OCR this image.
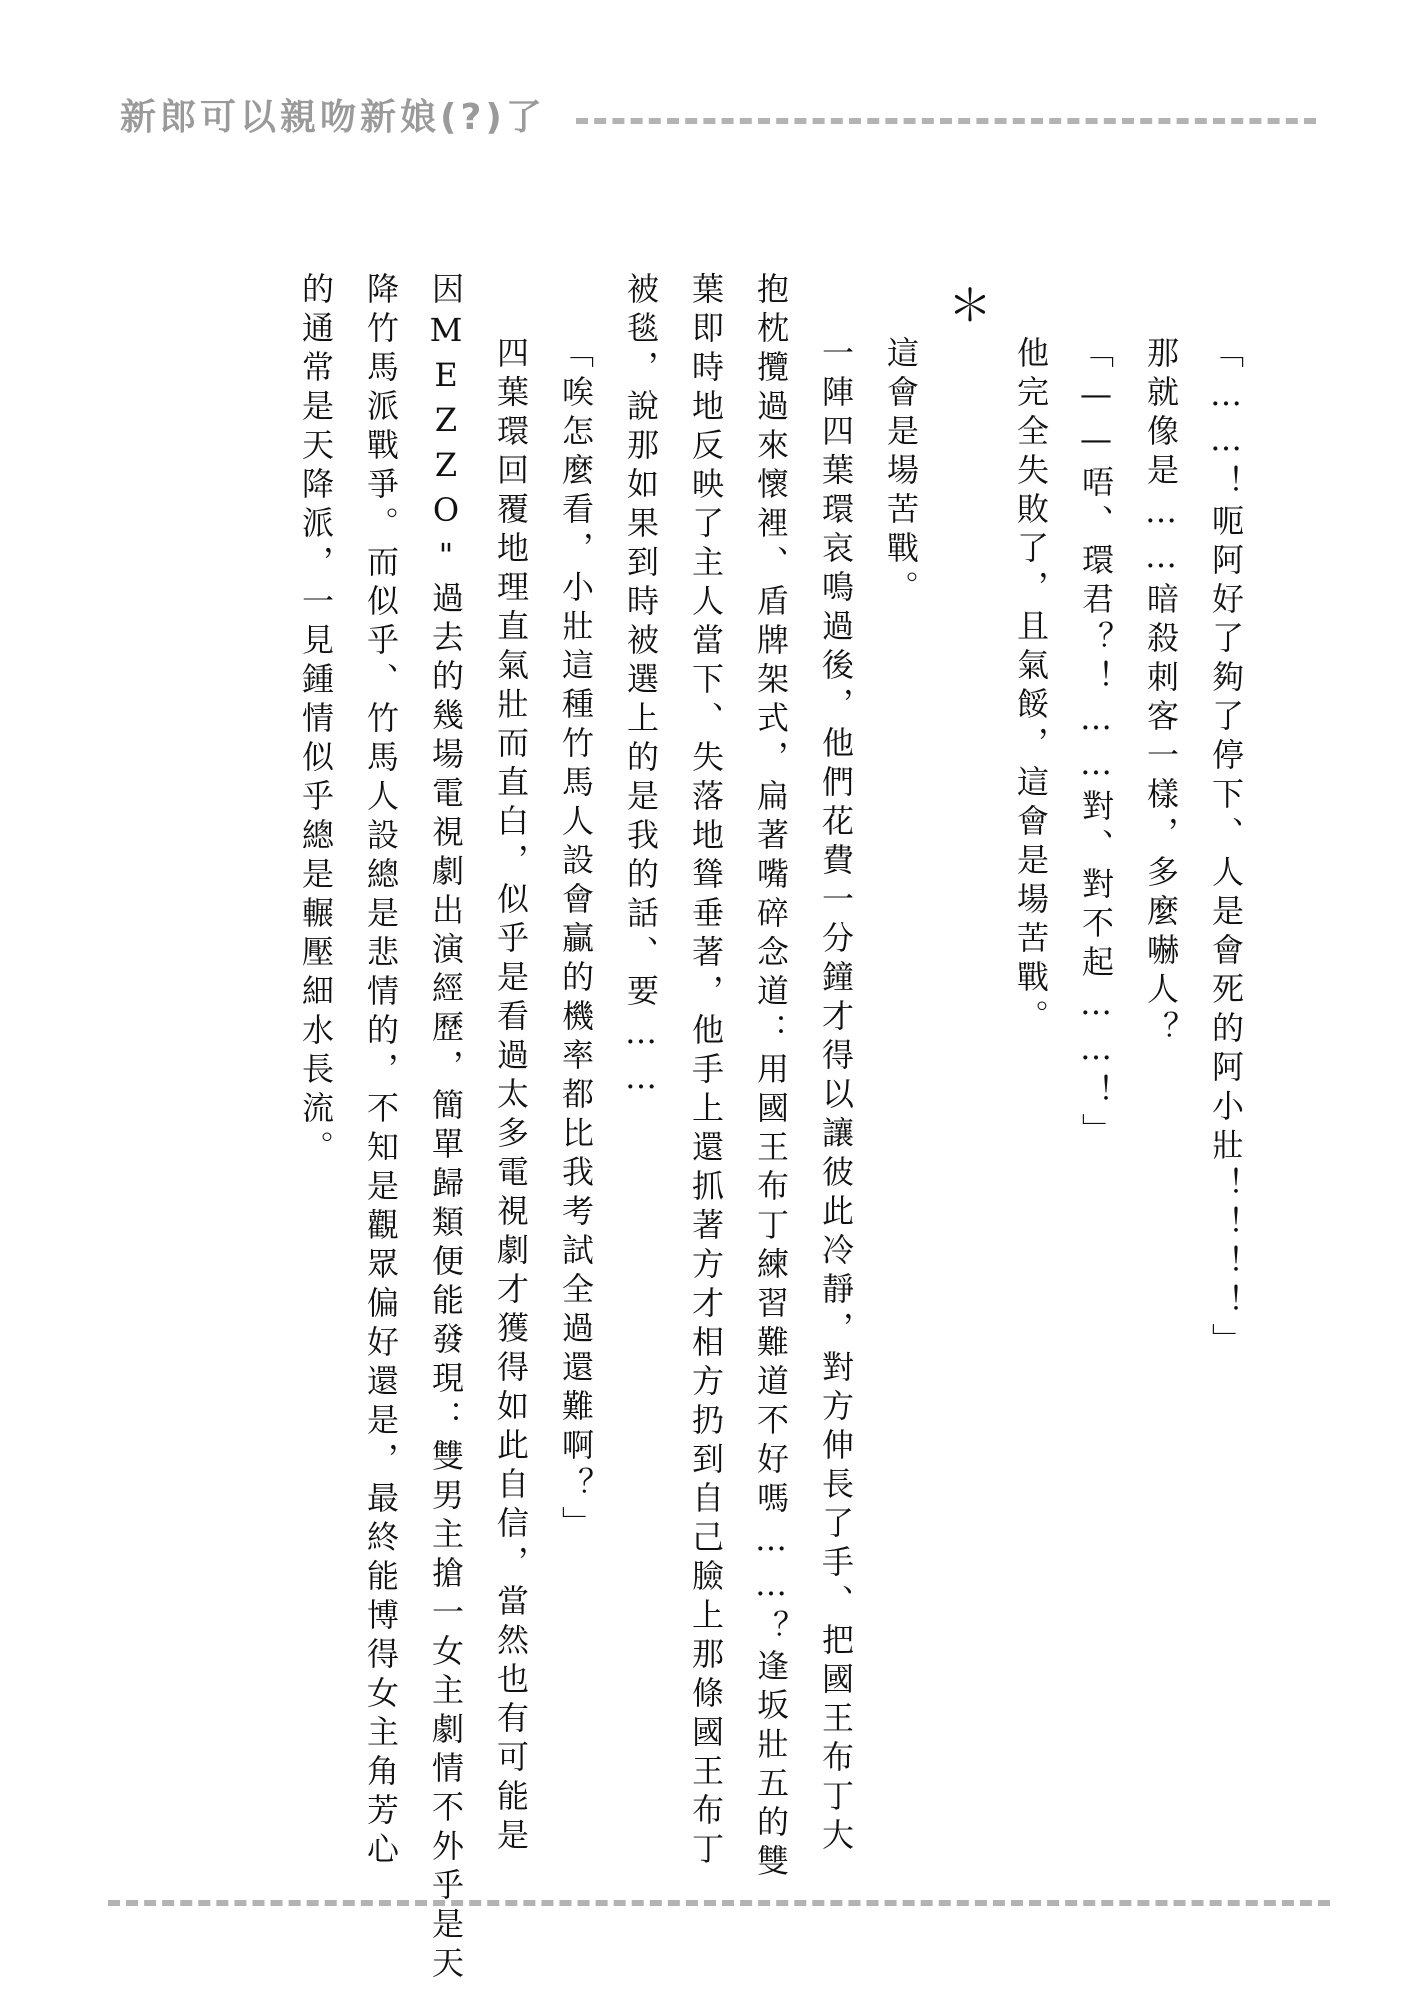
新郎可以親吻新娘(?)了
「……！呃阿好了夠了停下、人是會死的阿小壯！！！！」
那就像是……暗殺刺客一樣，多麼嚇人？
「——唔、環君？！……對、對不起……！」
他完全失敗了，且氣餒，這會是場苦戰。
＊
這會是場苦戰。
一陣四葉環哀鳴過後，他們花費一分鐘才得以讓彼此冷靜，對方伸長了手、把國王布丁大
抱枕攬過來懷裡、盾牌架式，扁著嘴碎念道：用國王布丁練習難道不好嗎……？逢坂壯五的雙
葉即時地反映了主人當下、失落地聳垂著，他手上還抓著方才相方扔到自己臉上那條國王布丁
被毯，說那如果到時被選上的是我的話、要……
「唉怎麼看，小壯這種竹馬人設會贏的機率都比我考試全過還難啊？」
四葉環回覆地理直氣壯而直白，似乎是看過太多電視劇才獲得如此自信，當然也有可能是
因MEZZO"過去的幾場電視劇出演經歷，簡單歸類便能發現：雙男主搶一女主劇情不外乎是天
降竹馬派戰爭。而似乎、竹馬人設總是悲情的，不知是觀眾偏好還是，最終能博得女主角芳心
的通常是天降派，一見鍾情似乎總是輾壓細水長流。
